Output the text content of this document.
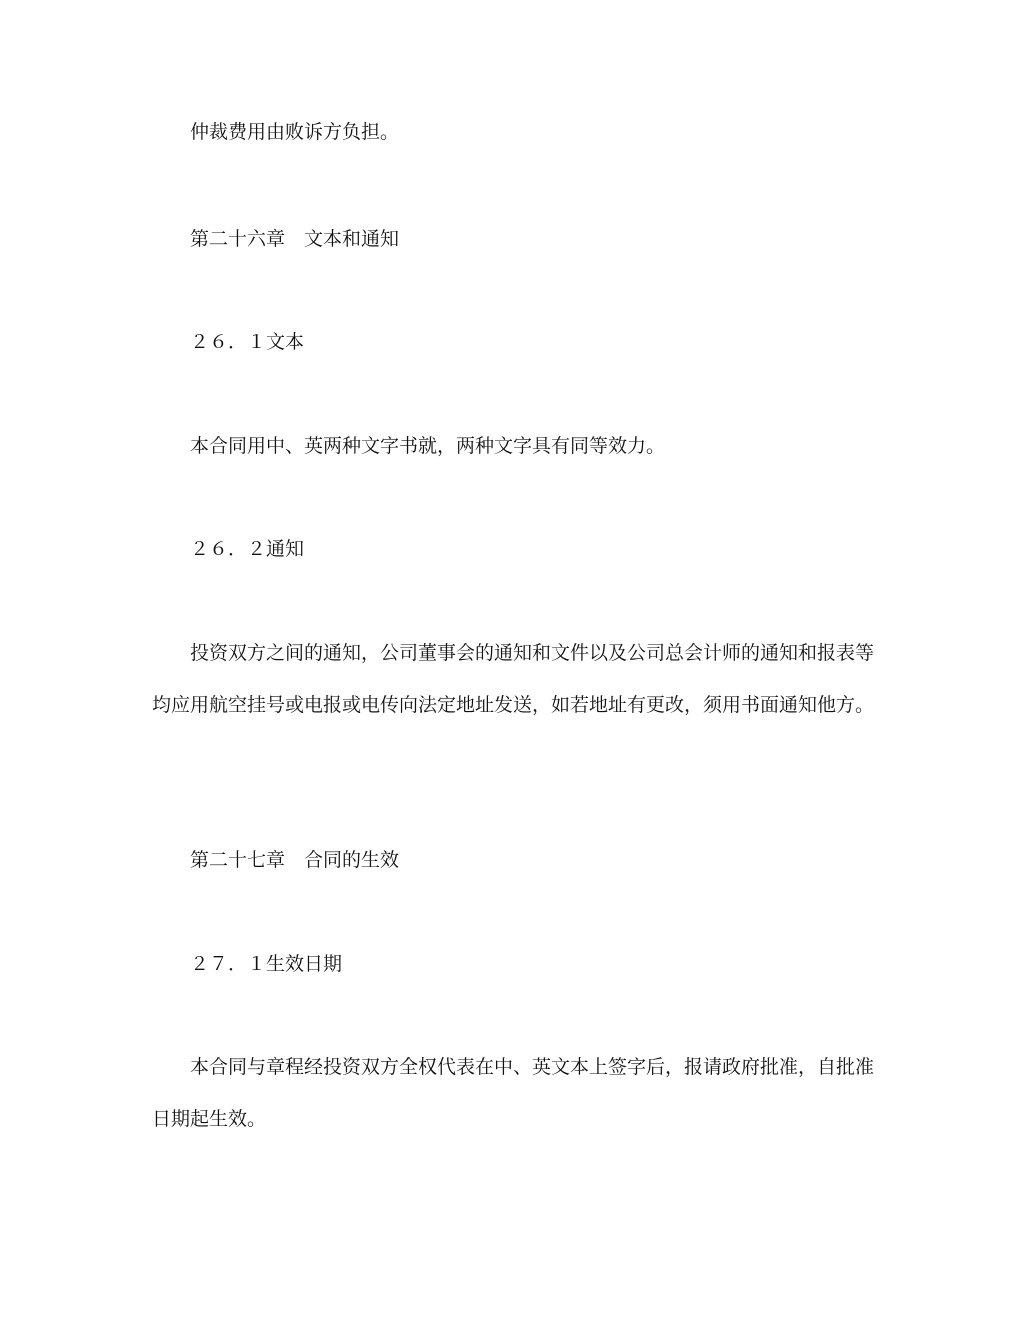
仲裁费用由败诉方负担。

第二十六章　文本和通知

２６．１文本

本合同用中、英两种文字书就，两种文字具有同等效力。

２６．２通知

投资双方之间的通知，公司董事会的通知和文件以及公司总会计师的通知和报表等均应用航空挂号或电报或电传向法定地址发送，如若地址有更改，须用书面通知他方。

第二十七章　合同的生效

２７．１生效日期

本合同与章程经投资双方全权代表在中、英文本上签字后，报请政府批准，自批准日期起生效。
